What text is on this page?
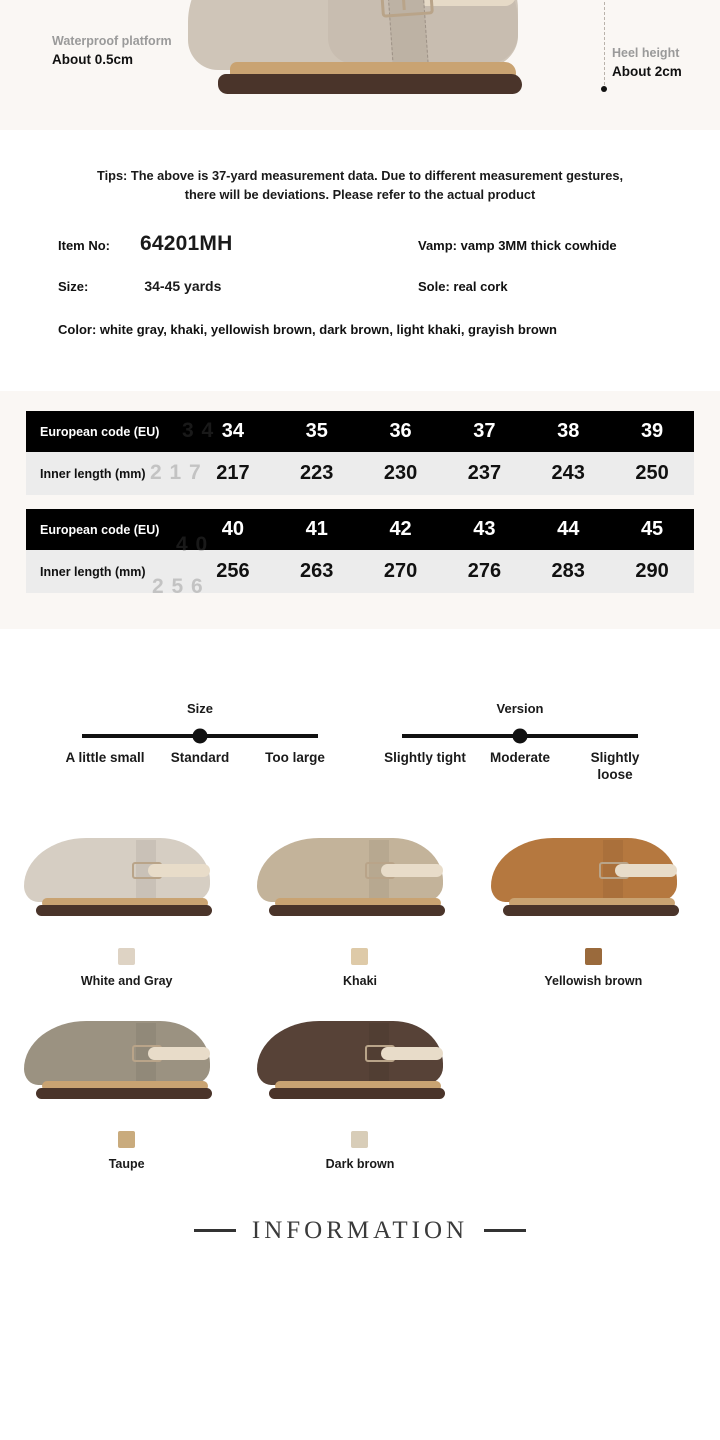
Waterproof platform
About 0.5cm	Heel height
About 2cm
Tips: The above is 37-yard measurement data. Due to different measurement gestures, there will be deviations. Please refer to the actual product
Item No: 64201MH	Vamp: vamp 3MM thick cowhide
Size:	34-45 yards	Sole: real cork
Color: white gray, khaki, yellowish brown, dark brown, light khaki, grayish brown
3 4
2 1 7
European code (EU)	34	35	36	37	38	39
Inner length (mm)	217	223	230	237	243	250
4 0
2 5 6
European code (EU)	40	41	42	43	44	45
Inner length (mm)	256	263	270	276	283	290
Size
A little small	Standard	Too large
Version
Slightly tight	Moderate	Slightly loose
White and Gray	Khaki	Yellowish brown
Taupe	Dark brown
INFORMATION
